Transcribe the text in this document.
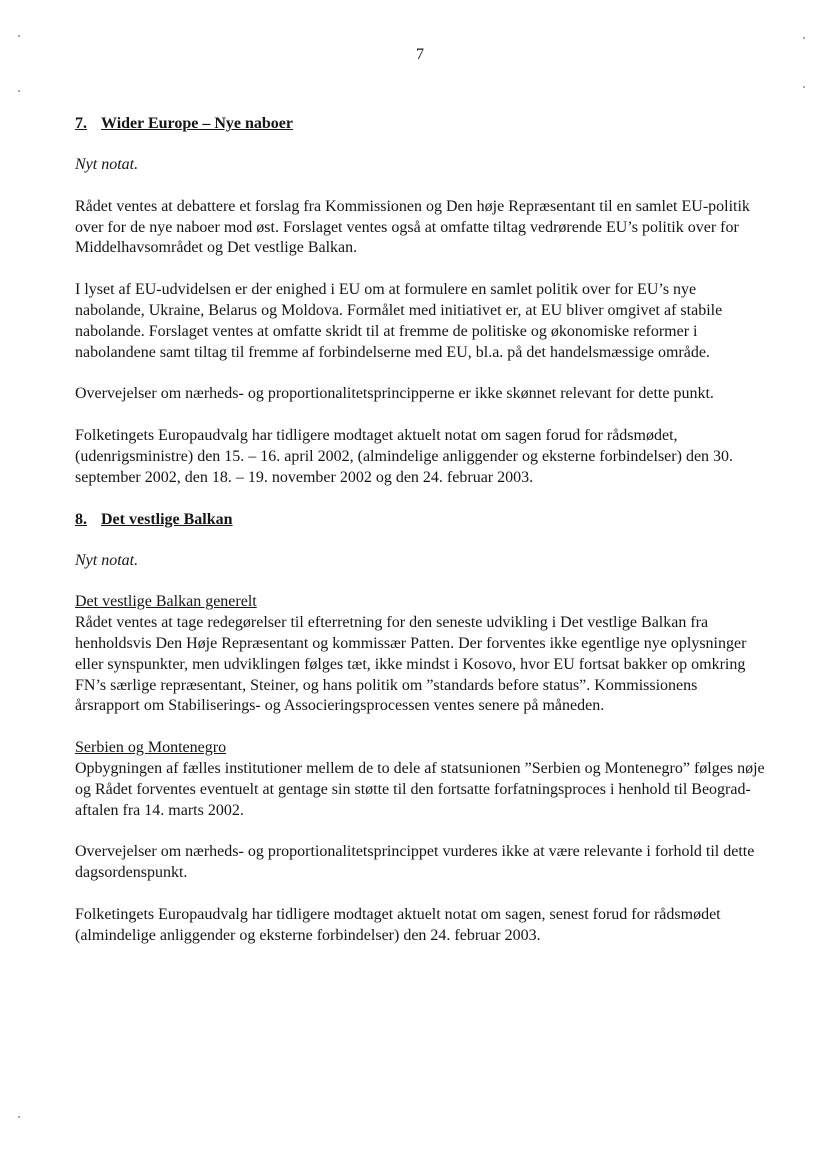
7
7. Wider Europe – Nye naboer

Nyt notat.

Rådet ventes at debattere et forslag fra Kommissionen og Den høje Repræsentant til en samlet EU-politik over for de nye naboer mod øst. Forslaget ventes også at omfatte tiltag vedrørende EU’s politik over for Middelhavsområdet og Det vestlige Balkan.

I lyset af EU-udvidelsen er der enighed i EU om at formulere en samlet politik over for EU’s nye nabolande, Ukraine, Belarus og Moldova. Formålet med initiativet er, at EU bliver omgivet af stabile nabolande. Forslaget ventes at omfatte skridt til at fremme de politiske og økonomiske reformer i nabolandene samt tiltag til fremme af forbindelserne med EU, bl.a. på det handelsmæssige område.

Overvejelser om nærheds- og proportionalitetsprincipperne er ikke skønnet relevant for dette punkt.

Folketingets Europaudvalg har tidligere modtaget aktuelt notat om sagen forud for rådsmødet, (udenrigsministre) den 15. – 16. april 2002, (almindelige anliggender og eksterne forbindelser) den 30. september 2002, den 18. – 19. november 2002 og den 24. februar 2003.

8. Det vestlige Balkan

Nyt notat.

Det vestlige Balkan generelt

Rådet ventes at tage redegørelser til efterretning for den seneste udvikling i Det vestlige Balkan fra henholdsvis Den Høje Repræsentant og kommissær Patten. Der forventes ikke egentlige nye oplysninger eller synspunkter, men udviklingen følges tæt, ikke mindst i Kosovo, hvor EU fortsat bakker op omkring FN’s særlige repræsentant, Steiner, og hans politik om ”standards before status”. Kommissionens årsrapport om Stabiliserings- og Associeringsprocessen ventes senere på måneden.

Serbien og Montenegro

Opbygningen af fælles institutioner mellem de to dele af statsunionen ”Serbien og Montenegro” følges nøje og Rådet forventes eventuelt at gentage sin støtte til den fortsatte forfatningsproces i henhold til Beograd-aftalen fra 14. marts 2002.

Overvejelser om nærheds- og proportionalitetsprincippet vurderes ikke at være relevante i forhold til dette dagsordenspunkt.

Folketingets Europaudvalg har tidligere modtaget aktuelt notat om sagen, senest forud for rådsmødet (almindelige anliggender og eksterne forbindelser) den 24. februar 2003.
